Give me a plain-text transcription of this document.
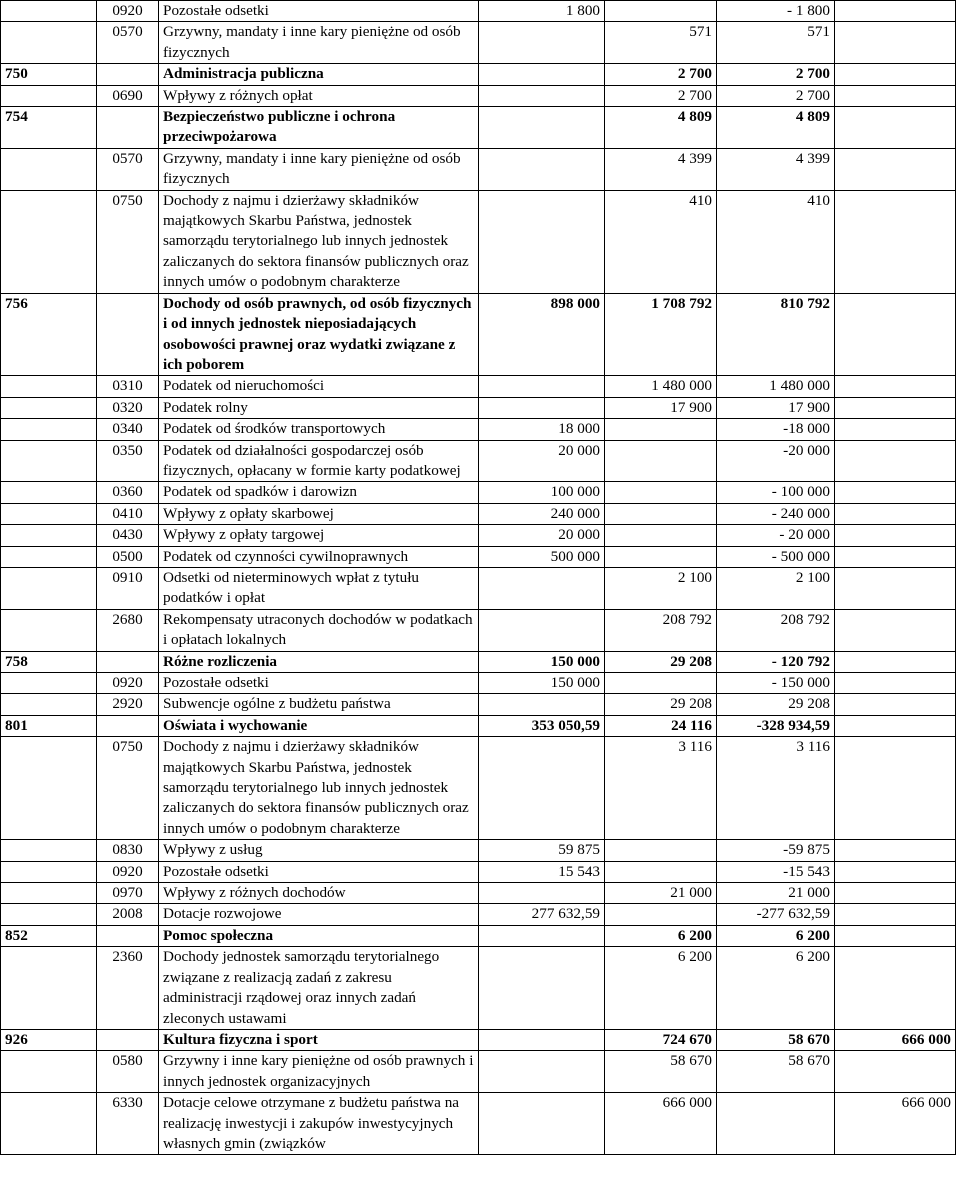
	0920	Pozostałe odsetki	1 800		- 1 800	
	0570	Grzywny, mandaty i inne kary pieniężne od osób fizycznych		571	571	
750		Administracja publiczna		2 700	2 700	
	0690	Wpływy z różnych opłat		2 700	2 700	
754		Bezpieczeństwo publiczne i ochrona przeciwpożarowa		4 809	4 809	
	0570	Grzywny, mandaty i inne kary pieniężne od osób fizycznych		4 399	4 399	
	0750	Dochody z najmu i dzierżawy składników majątkowych Skarbu Państwa, jednostek samorządu terytorialnego lub innych jednostek zaliczanych do sektora finansów publicznych oraz innych umów o podobnym charakterze		410	410	
756		Dochody od osób prawnych, od osób fizycznych i od innych jednostek nieposiadających osobowości prawnej oraz wydatki związane z ich poborem	898 000	1 708 792	810 792	
	0310	Podatek od nieruchomości		1 480 000	1 480 000	
	0320	Podatek rolny		17 900	17 900	
	0340	Podatek od środków transportowych	18 000		-18 000	
	0350	Podatek od działalności gospodarczej osób fizycznych, opłacany w formie karty podatkowej	20 000		-20 000	
	0360	Podatek od spadków i darowizn	100 000		- 100 000	
	0410	Wpływy z opłaty skarbowej	240 000		- 240 000	
	0430	Wpływy z opłaty targowej	20 000		- 20 000	
	0500	Podatek od czynności cywilnoprawnych	500 000		- 500 000	
	0910	Odsetki od nieterminowych wpłat z tytułu podatków i opłat		2 100	2 100	
	2680	Rekompensaty utraconych dochodów w podatkach i opłatach lokalnych		208 792	208 792	
758		Różne rozliczenia	150 000	29 208	- 120 792	
	0920	Pozostałe odsetki	150 000		- 150 000	
	2920	Subwencje ogólne z budżetu państwa		29 208	29 208	
801		Oświata i wychowanie	353 050,59	24 116	-328 934,59	
	0750	Dochody z najmu i dzierżawy składników majątkowych Skarbu Państwa, jednostek samorządu terytorialnego lub innych jednostek zaliczanych do sektora finansów publicznych oraz innych umów o podobnym charakterze		3 116	3 116	
	0830	Wpływy z usług	59 875		-59 875	
	0920	Pozostałe odsetki	15 543		-15 543	
	0970	Wpływy z różnych dochodów		21 000	21 000	
	2008	Dotacje rozwojowe	277 632,59		-277 632,59	
852		Pomoc społeczna		6 200	6 200	
	2360	Dochody jednostek samorządu terytorialnego związane z realizacją zadań z zakresu administracji rządowej oraz innych zadań zleconych ustawami		6 200	6 200	
926		Kultura fizyczna i sport		724 670	58 670	666 000
	0580	Grzywny i inne kary pieniężne od osób prawnych i innych jednostek organizacyjnych		58 670	58 670	
	6330	Dotacje celowe otrzymane z budżetu państwa na realizację inwestycji i zakupów inwestycyjnych własnych gmin (związków		666 000		666 000
